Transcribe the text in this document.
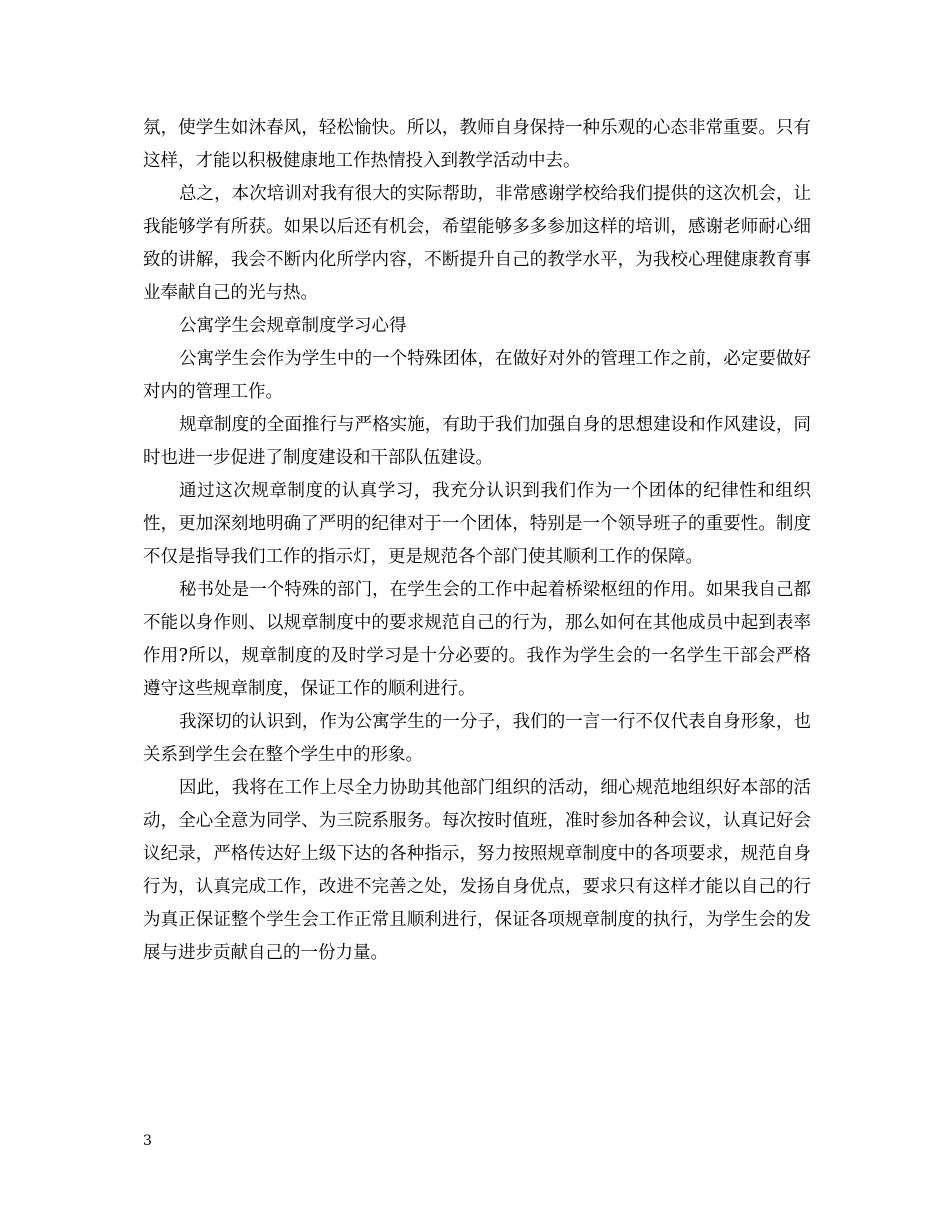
氛，使学生如沐春风，轻松愉快。所以，教师自身保持一种乐观的心态非常重要。只有这样，才能以积极健康地工作热情投入到教学活动中去。

总之，本次培训对我有很大的实际帮助，非常感谢学校给我们提供的这次机会，让我能够学有所获。如果以后还有机会，希望能够多多参加这样的培训，感谢老师耐心细致的讲解，我会不断内化所学内容，不断提升自己的教学水平，为我校心理健康教育事业奉献自己的光与热。

公寓学生会规章制度学习心得

公寓学生会作为学生中的一个特殊团体，在做好对外的管理工作之前，必定要做好对内的管理工作。

规章制度的全面推行与严格实施，有助于我们加强自身的思想建设和作风建设，同时也进一步促进了制度建设和干部队伍建设。

通过这次规章制度的认真学习，我充分认识到我们作为一个团体的纪律性和组织性，更加深刻地明确了严明的纪律对于一个团体，特别是一个领导班子的重要性。制度不仅是指导我们工作的指示灯，更是规范各个部门使其顺利工作的保障。

秘书处是一个特殊的部门，在学生会的工作中起着桥梁枢纽的作用。如果我自己都不能以身作则、以规章制度中的要求规范自己的行为，那么如何在其他成员中起到表率作用?所以，规章制度的及时学习是十分必要的。我作为学生会的一名学生干部会严格遵守这些规章制度，保证工作的顺利进行。

我深切的认识到，作为公寓学生的一分子，我们的一言一行不仅代表自身形象，也关系到学生会在整个学生中的形象。

因此，我将在工作上尽全力协助其他部门组织的活动，细心规范地组织好本部的活动，全心全意为同学、为三院系服务。每次按时值班，准时参加各种会议，认真记好会议纪录，严格传达好上级下达的各种指示，努力按照规章制度中的各项要求，规范自身行为，认真完成工作，改进不完善之处，发扬自身优点，要求只有这样才能以自己的行为真正保证整个学生会工作正常且顺利进行，保证各项规章制度的执行，为学生会的发展与进步贡献自己的一份力量。

3
